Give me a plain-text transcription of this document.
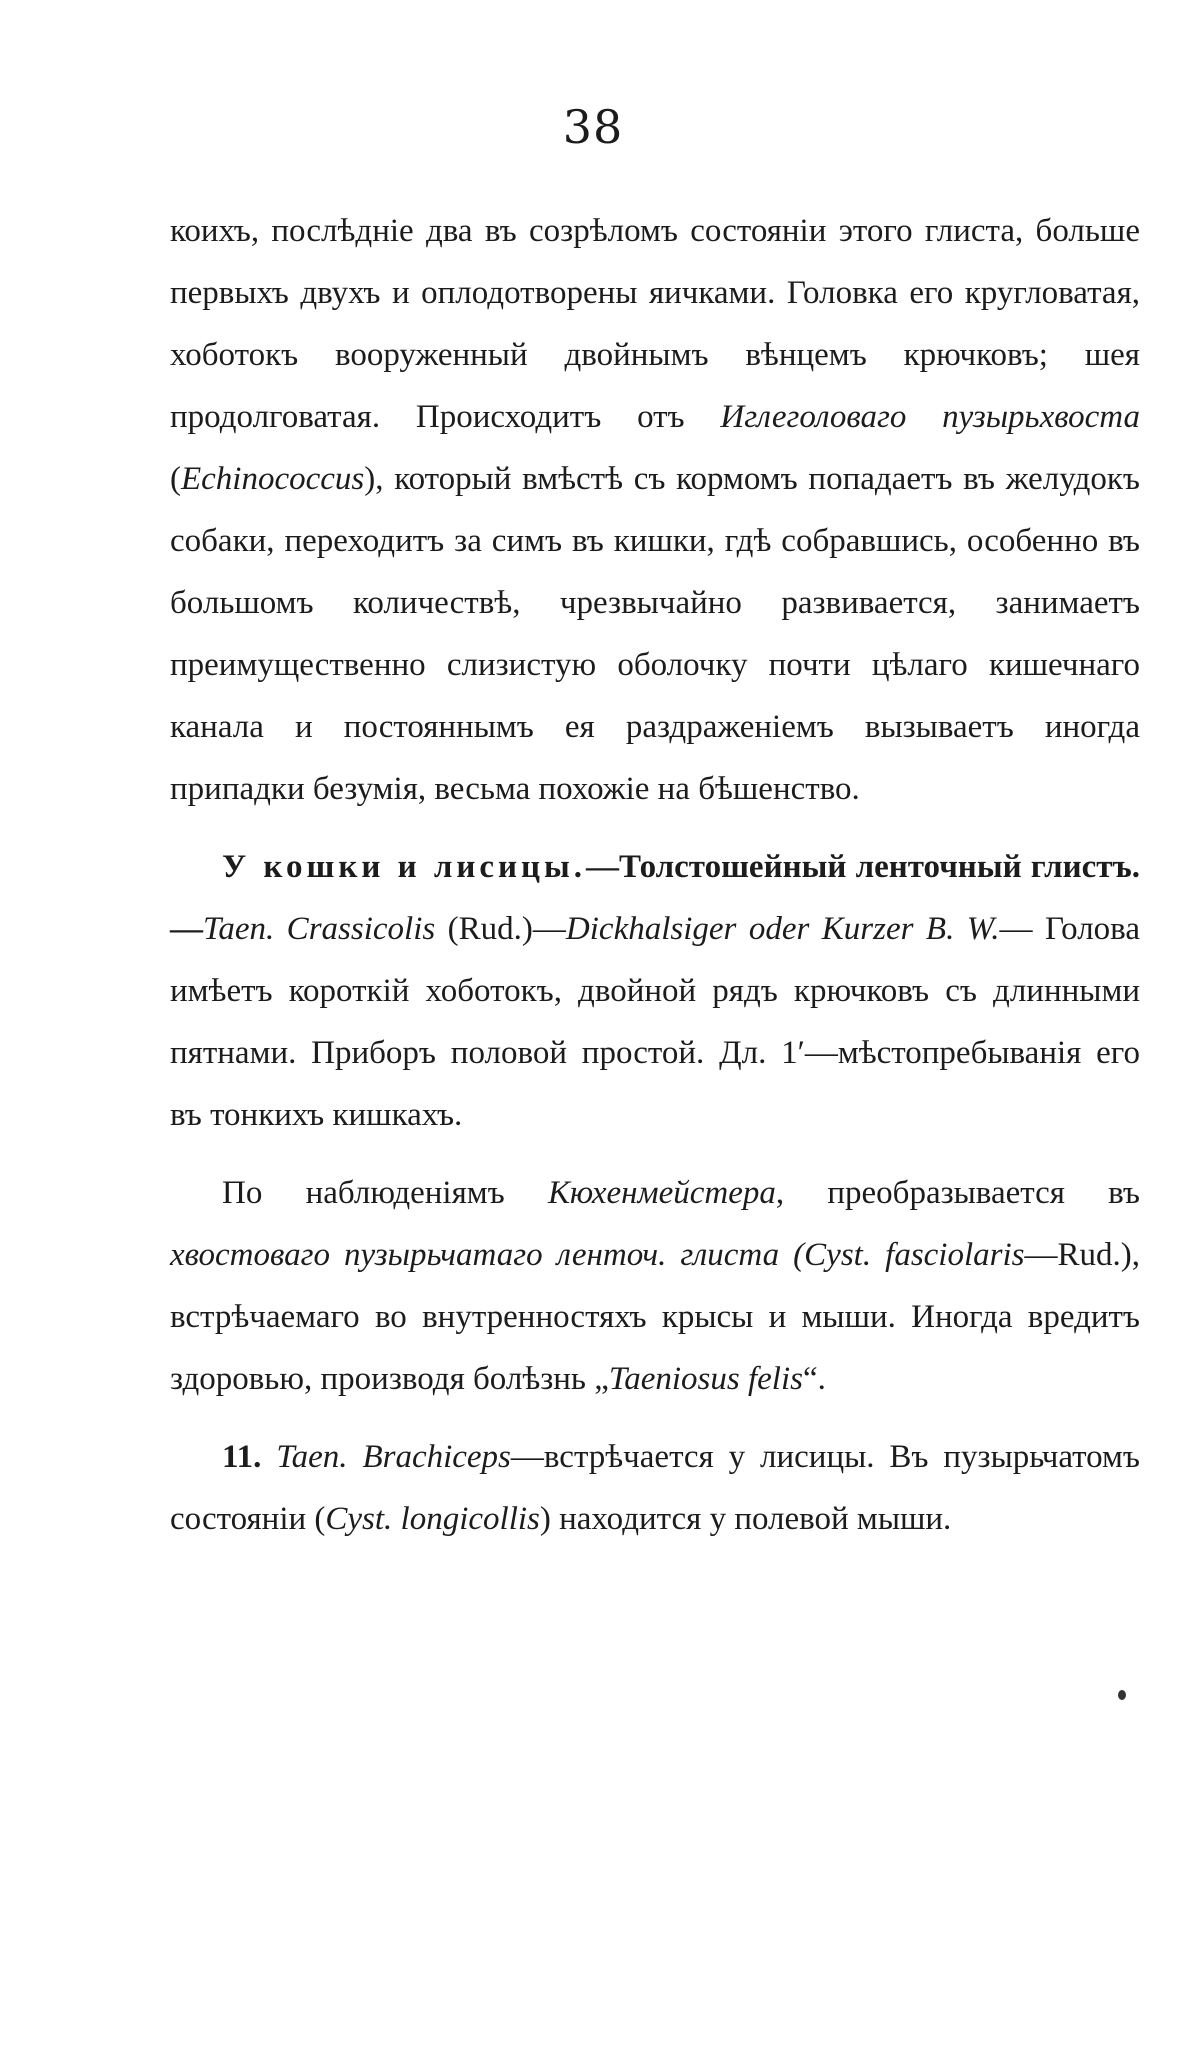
38

коихъ, послѣдніе два въ созрѣломъ состояніи этого глиста, больше первыхъ двухъ и оплодотворены яичками. Головка его кругловатая, хоботокъ вооруженный двойнымъ вѣнцемъ крючковъ; шея продолговатая. Происходитъ отъ Иглеголоваго пузырьхвоста (Echinococcus), который вмѣстѣ съ кормомъ попадаетъ въ желудокъ собаки, переходитъ за симъ въ кишки, гдѣ собравшись, особенно въ большомъ количествѣ, чрезвычайно развивается, занимаетъ преимущественно слизистую оболочку почти цѣлаго кишечнаго канала и постояннымъ ея раздраженіемъ вызываетъ иногда припадки безумія, весьма похожіе на бѣшенство.

У кошки и лисицы.—Толстошейный ленточный глистъ.—Taen. Crassicolis (Rud.)—Dickhalsiger oder Kurzer B. W.— Голова имѣетъ короткій хоботокъ, двойной рядъ крючковъ съ длинными пятнами. Приборъ половой простой. Дл. 1′—мѣстопребыванія его въ тонкихъ кишкахъ.

По наблюденіямъ Кюхенмейстера, преобразывается въ хвостоваго пузырьчатаго ленточ. глиста (Cyst. fasciolaris—Rud.), встрѣчаемаго во внутренностяхъ крысы и мыши. Иногда вредитъ здоровью, производя болѣзнь „Taeniosus felis“.

11. Taen. Brachiceps—встрѣчается у лисицы. Въ пузырьчатомъ состояніи (Cyst. longicollis) находится у полевой мыши.
